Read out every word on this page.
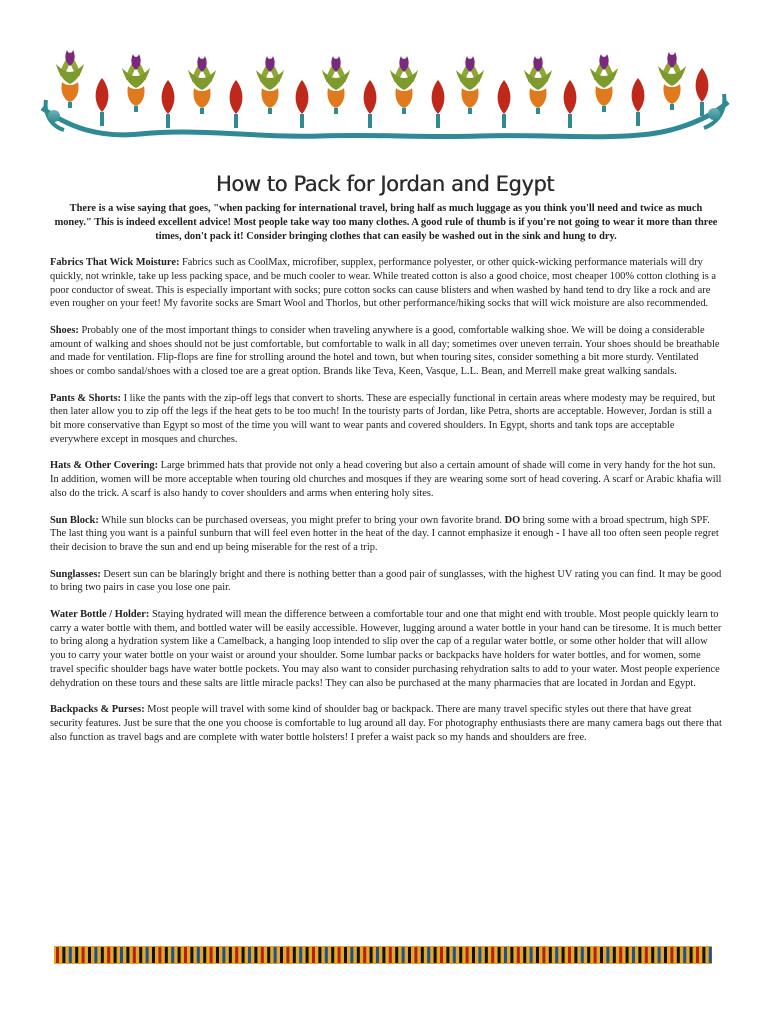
How to Pack for Jordan and Egypt

There is a wise saying that goes, "when packing for international travel, bring half as much luggage as you think you'll need and twice as much money." This is indeed excellent advice! Most people take way too many clothes. A good rule of thumb is if you're not going to wear it more than three times, don't pack it! Consider bringing clothes that can easily be washed out in the sink and hung to dry.

Fabrics That Wick Moisture: Fabrics such as CoolMax, microfiber, supplex, performance polyester, or other quick-wicking performance materials will dry quickly, not wrinkle, take up less packing space, and be much cooler to wear. While treated cotton is also a good choice, most cheaper 100% cotton clothing is a poor conductor of sweat. This is especially important with socks; pure cotton socks can cause blisters and when washed by hand tend to dry like a rock and are even rougher on your feet! My favorite socks are Smart Wool and Thorlos, but other performance/hiking socks that will wick moisture are also recommended.

Shoes: Probably one of the most important things to consider when traveling anywhere is a good, comfortable walking shoe. We will be doing a considerable amount of walking and shoes should not be just comfortable, but comfortable to walk in all day; sometimes over uneven terrain. Your shoes should be breathable and made for ventilation. Flip-flops are fine for strolling around the hotel and town, but when touring sites, consider something a bit more sturdy. Ventilated shoes or combo sandal/shoes with a closed toe are a great option. Brands like Teva, Keen, Vasque, L.L. Bean, and Merrell make great walking sandals.

Pants & Shorts: I like the pants with the zip-off legs that convert to shorts. These are especially functional in certain areas where modesty may be required, but then later allow you to zip off the legs if the heat gets to be too much! In the touristy parts of Jordan, like Petra, shorts are acceptable. However, Jordan is still a bit more conservative than Egypt so most of the time you will want to wear pants and covered shoulders. In Egypt, shorts and tank tops are acceptable everywhere except in mosques and churches.

Hats & Other Covering: Large brimmed hats that provide not only a head covering but also a certain amount of shade will come in very handy for the hot sun. In addition, women will be more acceptable when touring old churches and mosques if they are wearing some sort of head covering. A scarf or Arabic khafia will also do the trick. A scarf is also handy to cover shoulders and arms when entering holy sites.

Sun Block: While sun blocks can be purchased overseas, you might prefer to bring your own favorite brand. DO bring some with a broad spectrum, high SPF. The last thing you want is a painful sunburn that will feel even hotter in the heat of the day. I cannot emphasize it enough - I have all too often seen people regret their decision to brave the sun and end up being miserable for the rest of a trip.

Sunglasses: Desert sun can be blaringly bright and there is nothing better than a good pair of sunglasses, with the highest UV rating you can find. It may be good to bring two pairs in case you lose one pair.

Water Bottle / Holder: Staying hydrated will mean the difference between a comfortable tour and one that might end with trouble. Most people quickly learn to carry a water bottle with them, and bottled water will be easily accessible. However, lugging around a water bottle in your hand can be tiresome. It is much better to bring along a hydration system like a Camelback, a hanging loop intended to slip over the cap of a regular water bottle, or some other holder that will allow you to carry your water bottle on your waist or around your shoulder. Some lumbar packs or backpacks have holders for water bottles, and for women, some travel specific shoulder bags have water bottle pockets. You may also want to consider purchasing rehydration salts to add to your water. Most people experience dehydration on these tours and these salts are little miracle packs! They can also be purchased at the many pharmacies that are located in Jordan and Egypt.

Backpacks & Purses: Most people will travel with some kind of shoulder bag or backpack. There are many travel specific styles out there that have great security features. Just be sure that the one you choose is comfortable to lug around all day. For photography enthusiasts there are many camera bags out there that also function as travel bags and are complete with water bottle holsters! I prefer a waist pack so my hands and shoulders are free.
